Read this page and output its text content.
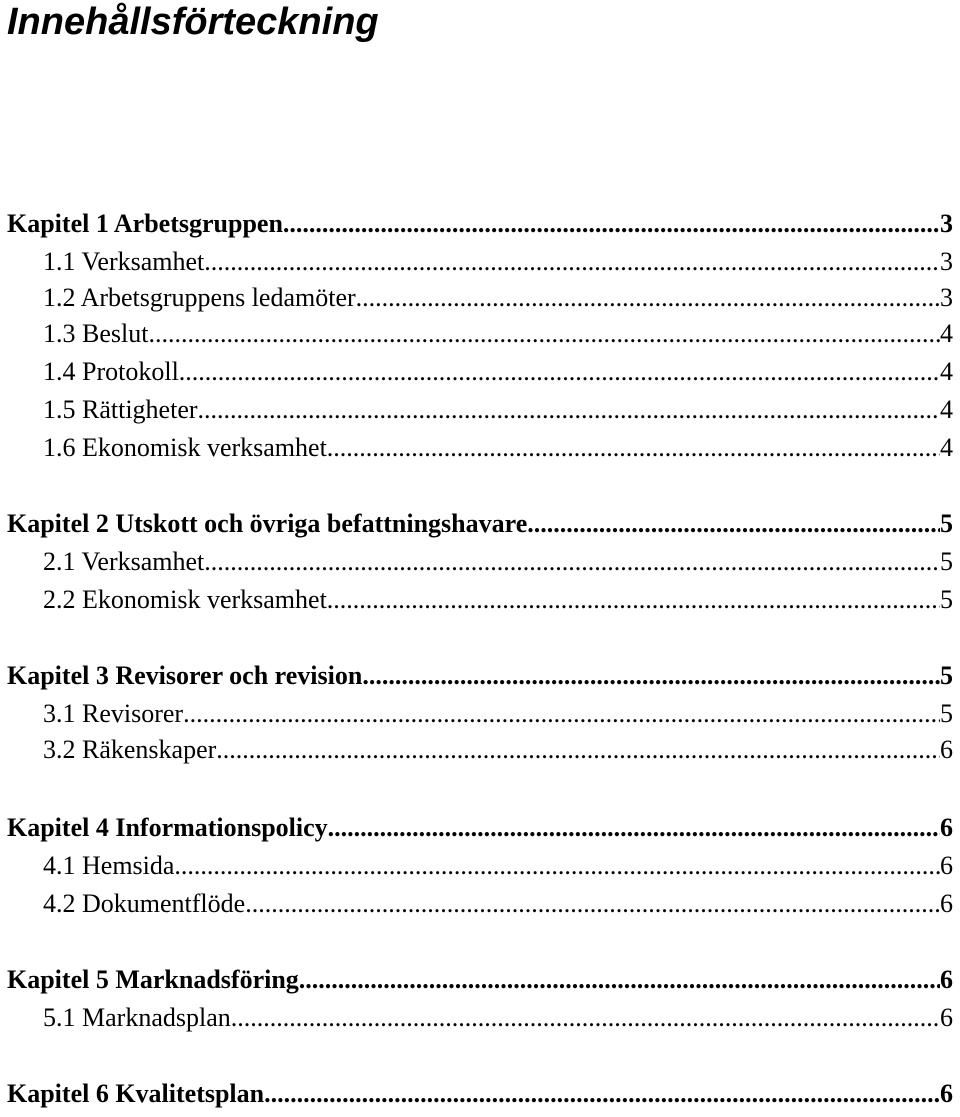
Innehållsförteckning
Kapitel 1 Arbetsgruppen .....	3
1.1 Verksamhet .....	3
1.2 Arbetsgruppens ledamöter .....	3
1.3 Beslut .....	4
1.4 Protokoll .....	4
1.5 Rättigheter .....	4
1.6 Ekonomisk verksamhet .....	4
Kapitel 2 Utskott och övriga befattningshavare .....	5
2.1 Verksamhet .....	5
2.2 Ekonomisk verksamhet .....	5
Kapitel 3 Revisorer och revision .....	5
3.1 Revisorer .....	5
3.2 Räkenskaper .....	6
Kapitel 4 Informationspolicy .....	6
4.1 Hemsida .....	6
4.2 Dokumentflöde .....	6
Kapitel 5 Marknadsföring .....	6
5.1 Marknadsplan .....	6
Kapitel 6 Kvalitetsplan .....	6
